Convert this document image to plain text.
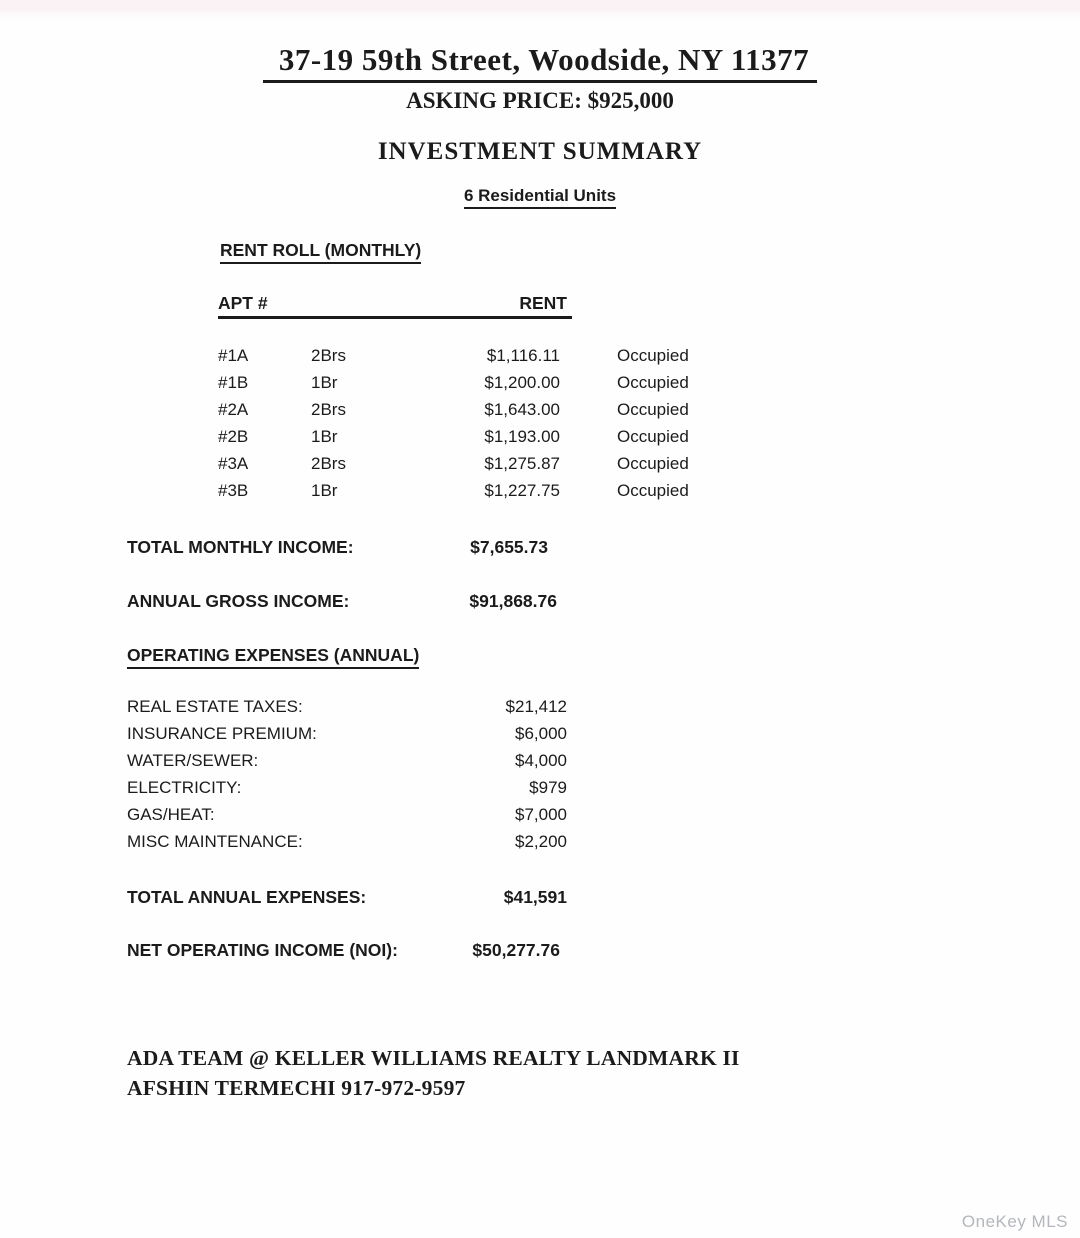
37-19 59th Street, Woodside, NY 11377
ASKING PRICE: $925,000
INVESTMENT SUMMARY
6 Residential Units
RENT ROLL (MONTHLY)
APT #	RENT
#1A	2Brs	$1,116.11	Occupied
#1B	1Br	$1,200.00	Occupied
#2A	2Brs	$1,643.00	Occupied
#2B	1Br	$1,193.00	Occupied
#3A	2Brs	$1,275.87	Occupied
#3B	1Br	$1,227.75	Occupied
TOTAL MONTHLY INCOME:	$7,655.73
ANNUAL GROSS INCOME:	$91,868.76
OPERATING EXPENSES (ANNUAL)
REAL ESTATE TAXES:	$21,412
INSURANCE PREMIUM:	$6,000
WATER/SEWER:	$4,000
ELECTRICITY:	$979
GAS/HEAT:	$7,000
MISC MAINTENANCE:	$2,200
TOTAL ANNUAL EXPENSES:	$41,591
NET OPERATING INCOME (NOI):	$50,277.76
ADA TEAM @ KELLER WILLIAMS REALTY LANDMARK II
AFSHIN TERMECHI 917-972-9597
OneKey MLS
